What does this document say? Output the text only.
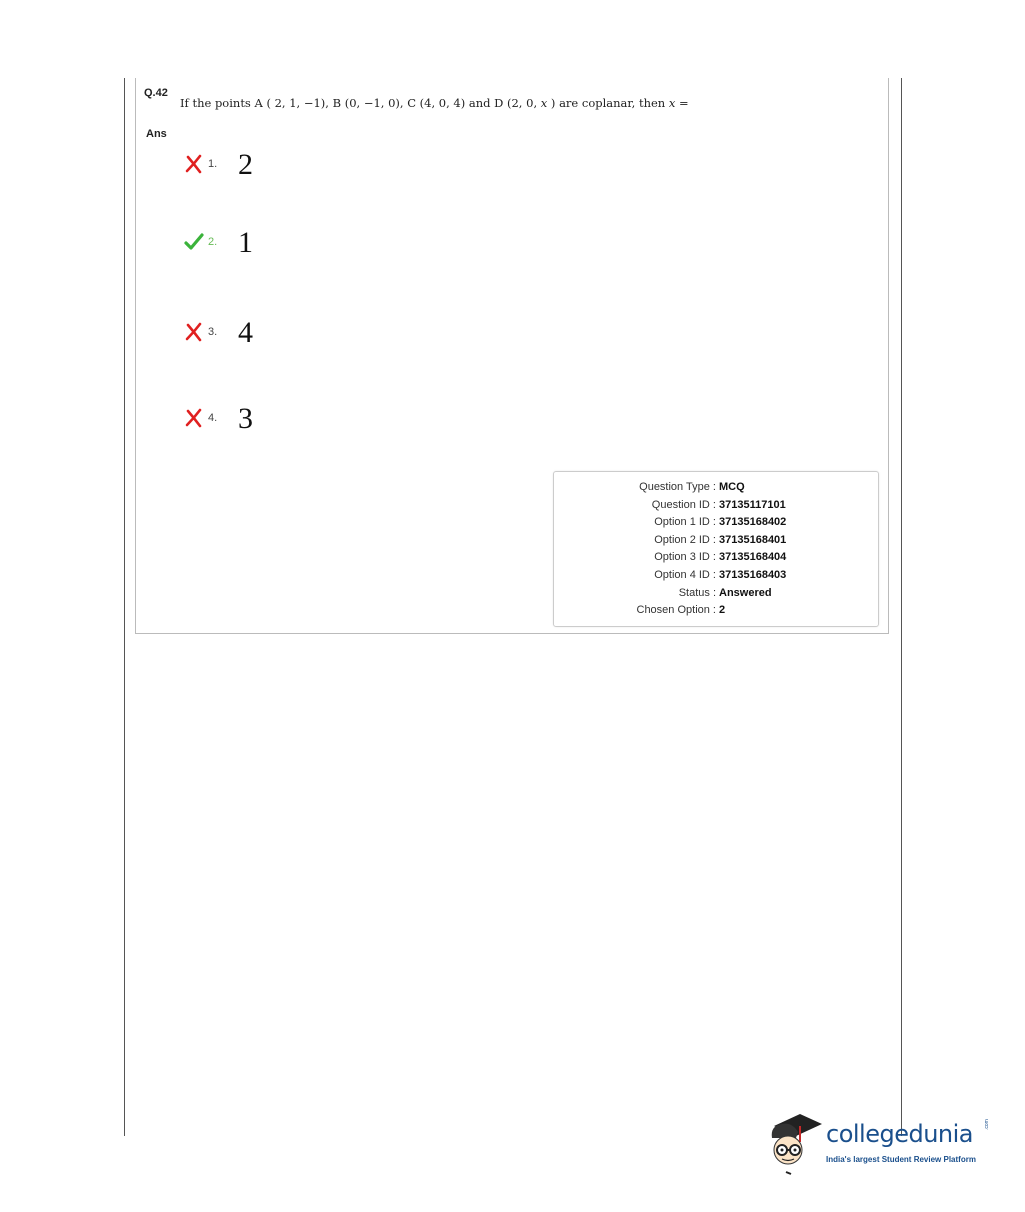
Q.42
If the points A ( 2, 1, −1), B (0, −1, 0), C (4, 0, 4) and D (2, 0, x ) are coplanar, then x =
Ans
1. 2
2. 1
3. 4
4. 3
Question Type : MCQ
Question ID : 37135117101
Option 1 ID : 37135168402
Option 2 ID : 37135168401
Option 3 ID : 37135168404
Option 4 ID : 37135168403
Status : Answered
Chosen Option : 2
collegedunia .com
India's largest Student Review Platform
